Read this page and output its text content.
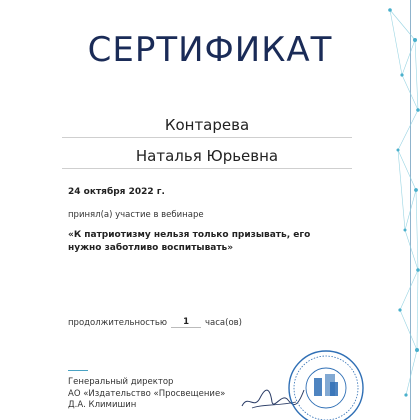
СЕРТИФИКАТ
Контарева
Наталья Юрьевна
24 октября 2022 г.
принял(а) участие в вебинаре
«К патриотизму нельзя только призывать, его нужно заботливо воспитывать»
продолжительностью	1	часа(ов)
Генеральный директор
АО «Издательство «Просвещение»
Д.А. Климишин
